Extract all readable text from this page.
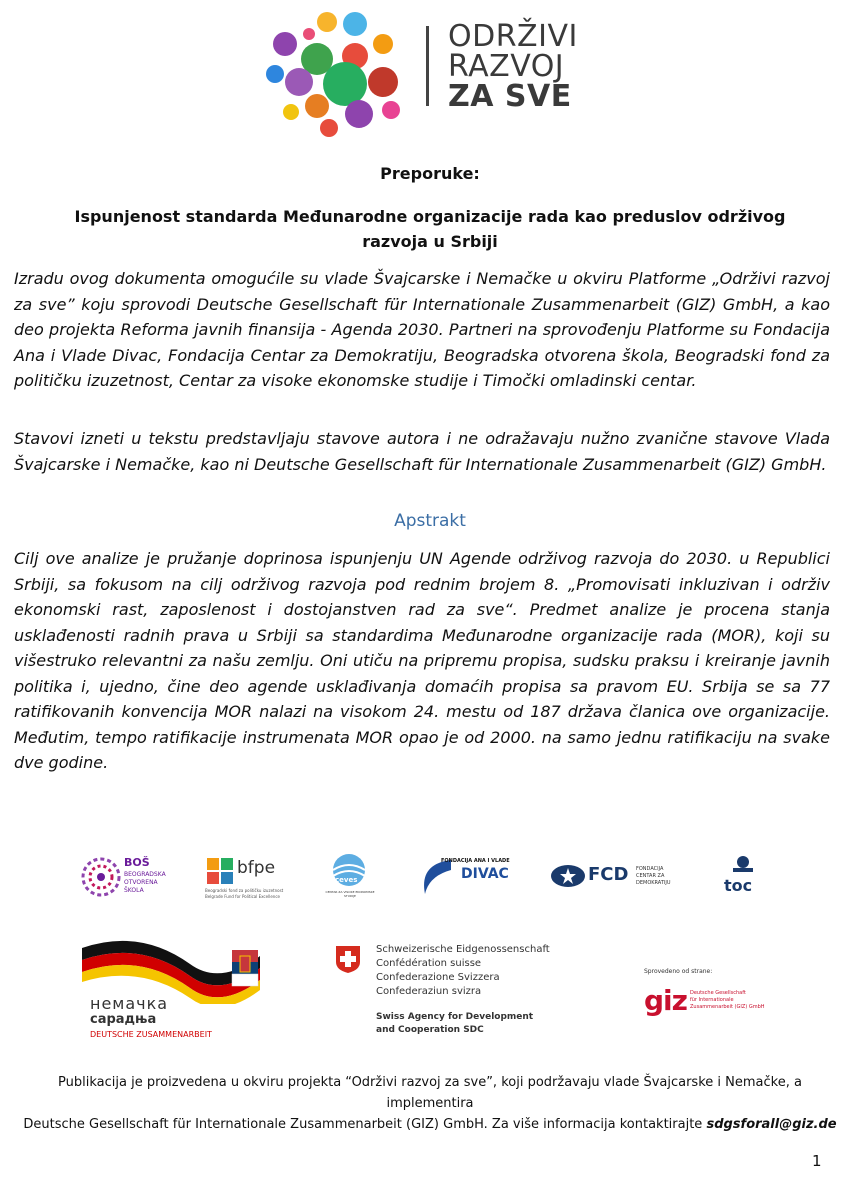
ODRŽIVI
RAZVOJ
ZA SVE
Preporuke:
Ispunjenost standarda Međunarodne organizacije rada kao preduslov održivog razvoja u Srbiji
Izradu ovog dokumenta omogućile su vlade Švajcarske i Nemačke u okviru Platforme „Održivi razvoj za sve” koju sprovodi Deutsche Gesellschaft für Internationale Zusammenarbeit (GIZ) GmbH, a kao deo projekta Reforma javnih finansija - Agenda 2030. Partneri na sprovođenju Platforme su Fondacija Ana i Vlade Divac, Fondacija Centar za Demokratiju, Beogradska otvorena škola, Beogradski fond za političku izuzetnost, Centar za visoke ekonomske studije i Timočki omladinski centar.
Stavovi izneti u tekstu predstavljaju stavove autora i ne odražavaju nužno zvanične stavove Vlada Švajcarske i Nemačke, kao ni Deutsche Gesellschaft für Internationale Zusammenarbeit (GIZ) GmbH.
Apstrakt
Cilj ove analize je pružanje doprinosa ispunjenju UN Agende održivog razvoja do 2030. u Republici Srbiji, sa fokusom na cilj održivog razvoja pod rednim brojem 8. „Promovisati inkluzivan i održiv ekonomski rast, zaposlenost i dostojanstven rad za sve“. Predmet analize je procena stanja usklađenosti radnih prava u Srbiji sa standardima Međunarodne organizacije rada (MOR), koji su višestruko relevantni za našu zemlju. Oni utiču na pripremu propisa, sudsku praksu i kreiranje javnih politika i, ujedno, čine deo agende usklađivanja domaćih propisa sa pravom EU. Srbija se sa 77 ratifikovanih konvencija MOR nalazi na visokom 24. mestu od 187 država članica ove organizacije. Međutim, tempo ratifikacije instrumenata MOR opao je od 2000. na samo jednu ratifikaciju na svake dve godine.
BOŠ
BEOGRADSKA
OTVORENA
ŠKOLA
bfpe
Beogradski fond za političku izuzetnost
Belgrade Fund for Political Excellence
ceves
CENTAR ZA VISOKE EKONOMSKE STUDIJE
FONDACIJA ANA I VLADE
DIVAC	FCD FONDACIJA
CENTAR ZA
DEMOKRATIJU	toc
немачка
сарадња
DEUTSCHE ZUSAMMENARBEIT
Schweizerische Eidgenossenschaft
Confédération suisse
Confederazione Svizzera
Confederaziun svizra
Swiss Agency for Development
and Cooperation SDC
Sprovedeno od strane:
giz Deutsche Gesellschaft
für Internationale
Zusammenarbeit (GIZ) GmbH
Publikacija je proizvedena u okviru projekta “Održivi razvoj za sve”, koji podržavaju vlade Švajcarske i Nemačke, a implementira
Deutsche Gesellschaft für Internationale Zusammenarbeit (GIZ) GmbH. Za više informacija kontaktirajte sdgsforall@giz.de
1
